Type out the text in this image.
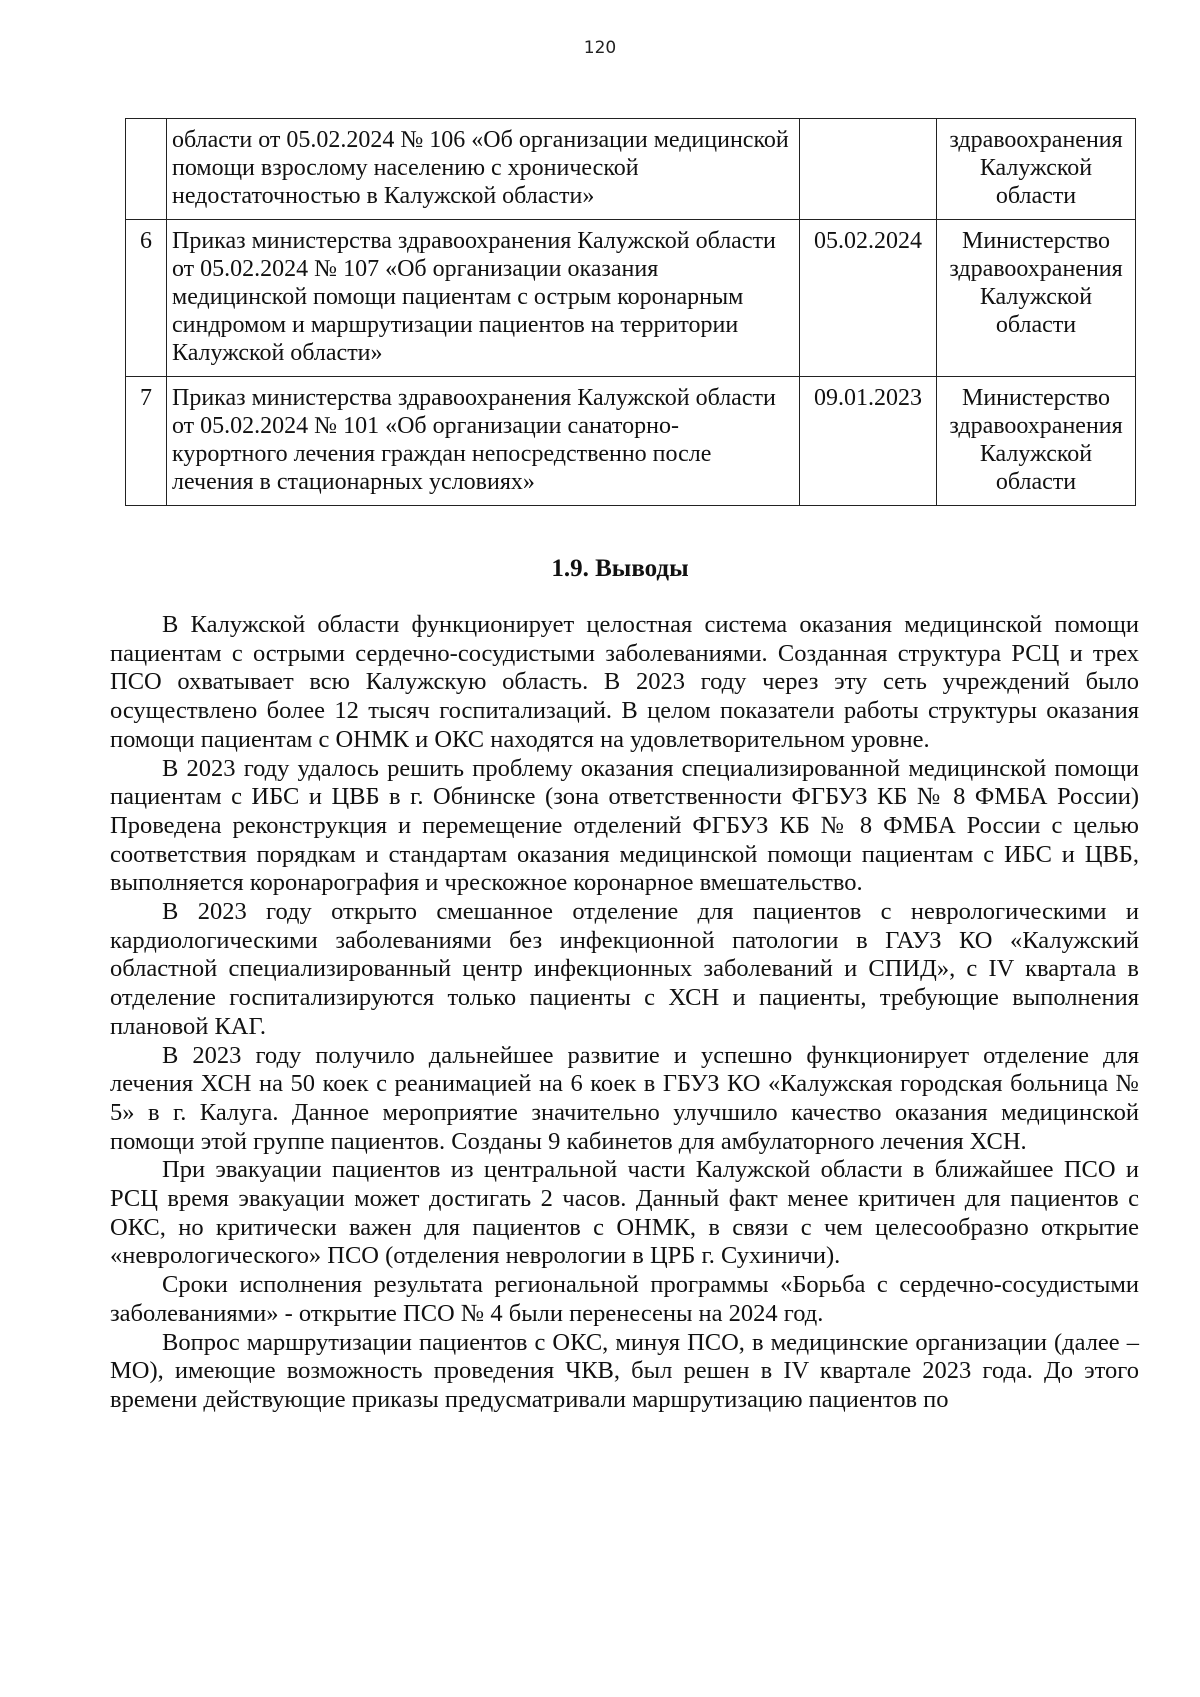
120
	области от 05.02.2024 № 106 «Об организации медицинской помощи взрослому населению с хронической недостаточностью в Калужской области»		здравоохранения Калужской области
6	Приказ министерства здравоохранения Калужской области от 05.02.2024 № 107 «Об организации оказания медицинской помощи пациентам с острым коронарным синдромом и маршрутизации пациентов на территории Калужской области»	05.02.2024	Министерство здравоохранения Калужской области
7	Приказ министерства здравоохранения Калужской области от 05.02.2024 № 101 «Об организации санаторно-курортного лечения граждан непосредственно после лечения в стационарных условиях»	09.01.2023	Министерство здравоохранения Калужской области
1.9. Выводы

В Калужской области функционирует целостная система оказания медицинской помощи пациентам с острыми сердечно-сосудистыми заболеваниями. Созданная структура РСЦ и трех ПСО охватывает всю Калужскую область. В 2023 году через эту сеть учреждений было осуществлено более 12 тысяч госпитализаций. В целом показатели работы структуры оказания помощи пациентам с ОНМК и ОКС находятся на удовлетворительном уровне.

В 2023 году удалось решить проблему оказания специализированной медицинской помощи пациентам с ИБС и ЦВБ в г. Обнинске (зона ответственности ФГБУЗ КБ № 8 ФМБА России) Проведена реконструкция и перемещение отделений ФГБУЗ КБ № 8 ФМБА России с целью соответствия порядкам и стандартам оказания медицинской помощи пациентам с ИБС и ЦВБ, выполняется коронарография и чрескожное коронарное вмешательство.

В 2023 году открыто смешанное отделение для пациентов с неврологическими и кардиологическими заболеваниями без инфекционной патологии в ГАУЗ КО «Калужский областной специализированный центр инфекционных заболеваний и СПИД», с IV квартала в отделение госпитализируются только пациенты с ХСН и пациенты, требующие выполнения плановой КАГ.

В 2023 году получило дальнейшее развитие и успешно функционирует отделение для лечения ХСН на 50 коек с реанимацией на 6 коек в ГБУЗ КО «Калужская городская больница № 5» в г. Калуга. Данное мероприятие значительно улучшило качество оказания медицинской помощи этой группе пациентов. Созданы 9 кабинетов для амбулаторного лечения ХСН.

При эвакуации пациентов из центральной части Калужской области в ближайшее ПСО и РСЦ время эвакуации может достигать 2 часов. Данный факт менее критичен для пациентов с ОКС, но критически важен для пациентов с ОНМК, в связи с чем целесообразно открытие «неврологического» ПСО (отделения неврологии в ЦРБ г. Сухиничи).

Сроки исполнения результата региональной программы «Борьба с сердечно-сосудистыми заболеваниями» - открытие ПСО № 4 были перенесены на 2024 год.

Вопрос маршрутизации пациентов с ОКС, минуя ПСО, в медицинские организации (далее – МО), имеющие возможность проведения ЧКВ, был решен в IV квартале 2023 года. До этого времени действующие приказы предусматривали маршрутизацию пациентов по
